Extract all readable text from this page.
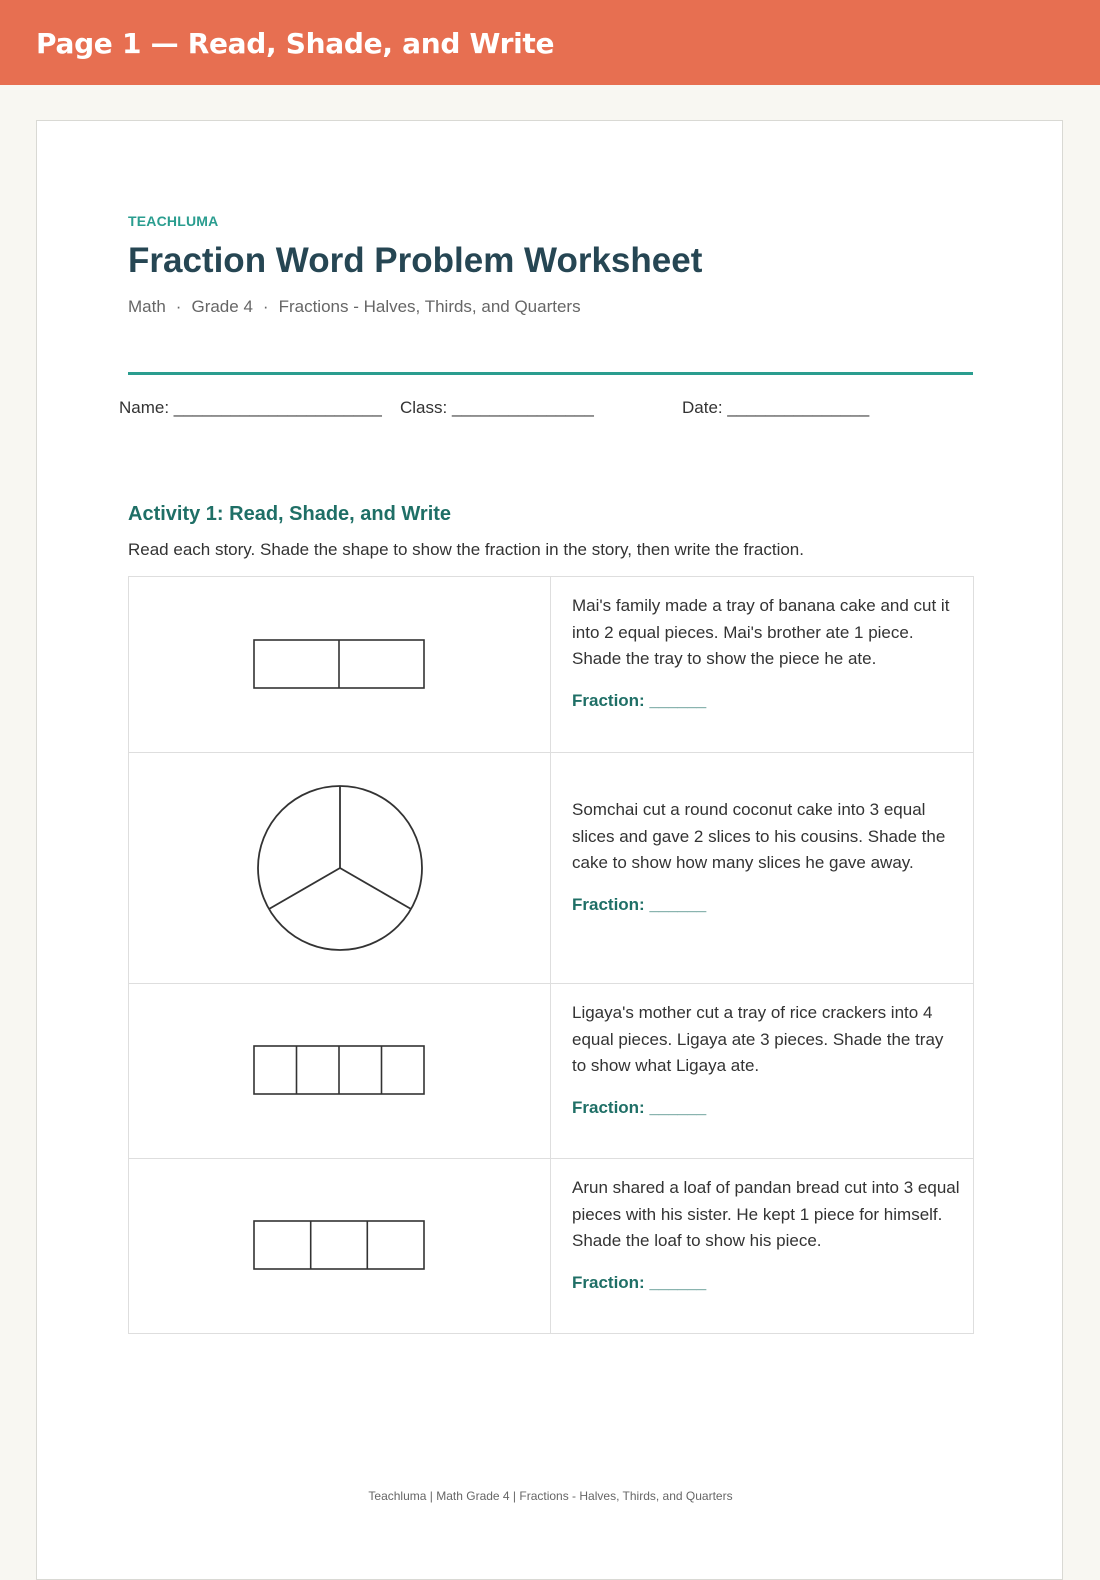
Page 1 — Read, Shade, and Write
TEACHLUMA
Fraction Word Problem Worksheet
Math · Grade 4 · Fractions - Halves, Thirds, and Quarters
Name: ______________________ Class: _______________	Date: _______________
Activity 1: Read, Shade, and Write
Read each story. Shade the shape to show the fraction in the story, then write the fraction.

Mai's family made a tray of banana cake and cut it into 2 equal pieces. Mai's brother ate 1 piece. Shade the tray to show the piece he ate.

Fraction: ______

Somchai cut a round coconut cake into 3 equal slices and gave 2 slices to his cousins. Shade the cake to show how many slices he gave away.

Fraction: ______

Ligaya's mother cut a tray of rice crackers into 4 equal pieces. Ligaya ate 3 pieces. Shade the tray to show what Ligaya ate.

Fraction: ______

Arun shared a loaf of pandan bread cut into 3 equal pieces with his sister. He kept 1 piece for himself. Shade the loaf to show his piece.

Fraction: ______
Teachluma | Math Grade 4 | Fractions - Halves, Thirds, and Quarters
